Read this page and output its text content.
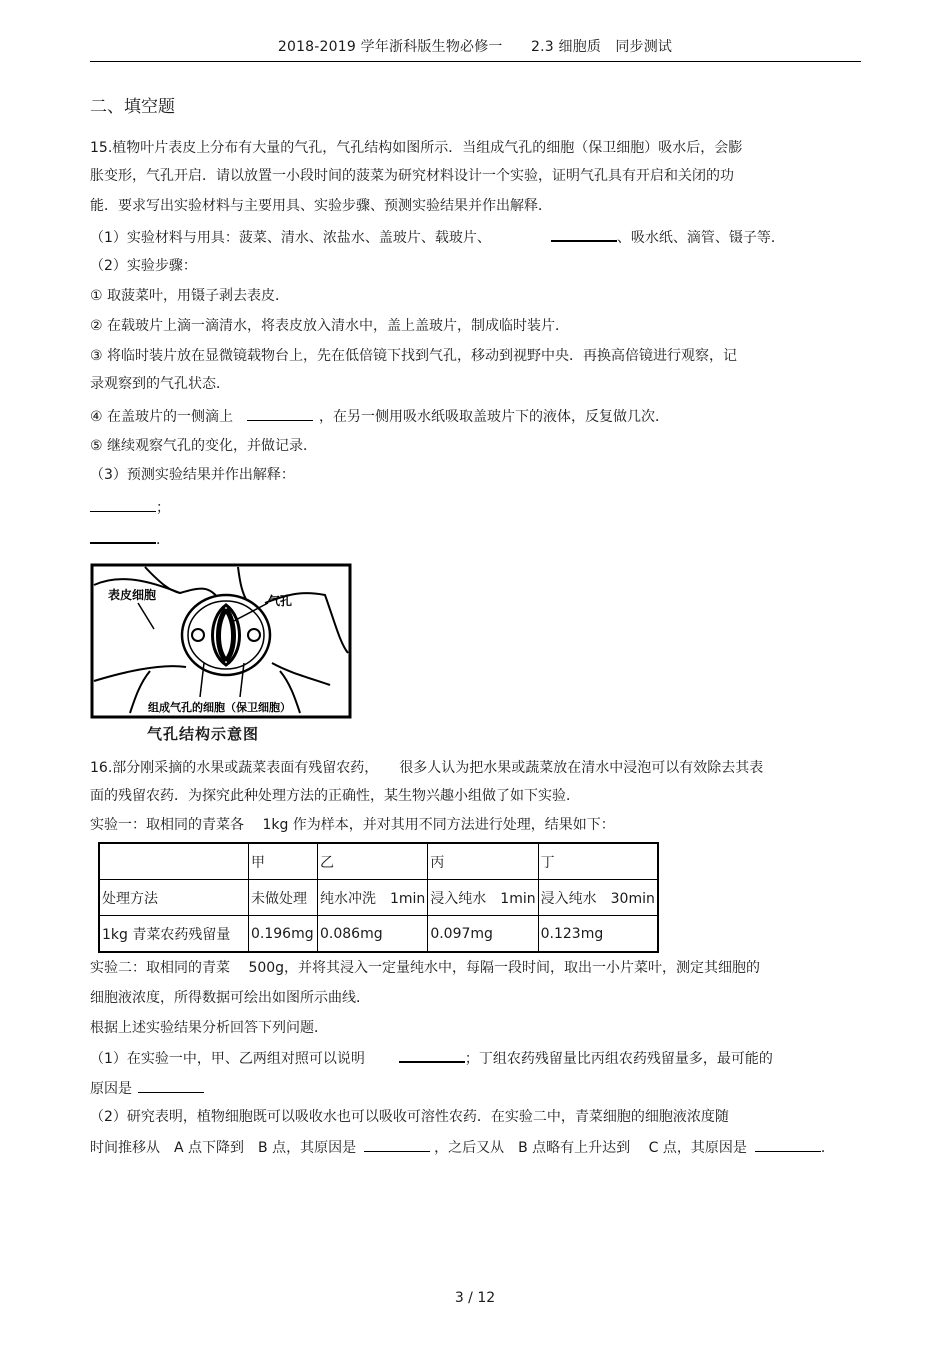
2018-2019 学年浙科版生物必修一　　2.3 细胞质　同步测试
二、填空题
15.植物叶片表皮上分布有大量的气孔，气孔结构如图所示．当组成气孔的细胞（保卫细胞）吸水后，会膨
胀变形，气孔开启．请以放置一小段时间的菠菜为研究材料设计一个实验，证明气孔具有开启和关闭的功
能．要求写出实验材料与主要用具、实验步骤、预测实验结果并作出解释．
（1）实验材料与用具：菠菜、清水、浓盐水、盖玻片、载玻片、	、吸水纸、滴管、镊子等．
（2）实验步骤：
① 取菠菜叶，用镊子剥去表皮．
② 在载玻片上滴一滴清水，将表皮放入清水中，盖上盖玻片，制成临时装片．
③ 将临时装片放在显微镜载物台上，先在低倍镜下找到气孔，移动到视野中央．再换高倍镜进行观察，记
录观察到的气孔状态．
④ 在盖玻片的一侧滴上	，在另一侧用吸水纸吸取盖玻片下的液体，反复做几次．
⑤ 继续观察气孔的变化，并做记录．
（3）预测实验结果并作出解释：
；
．
表皮细胞	气孔
组成气孔的细胞（保卫细胞）
气孔结构示意图
16.部分刚采摘的水果或蔬菜表面有残留农药，　　很多人认为把水果或蔬菜放在清水中浸泡可以有效除去其表
面的残留农药．为探究此种处理方法的正确性，某生物兴趣小组做了如下实验．
实验一：取相同的青菜各　 1kg 作为样本，并对其用不同方法进行处理，结果如下：
	甲	乙	丙	丁
处理方法	未做处理	纯水冲洗　1min	浸入纯水　1min	浸入纯水　30min
1kg 青菜农药残留量	0.196mg	0.086mg	0.097mg	0.123mg
实验二：取相同的青菜　 500g，并将其浸入一定量纯水中，每隔一段时间，取出一小片菜叶，测定其细胞的
细胞液浓度，所得数据可绘出如图所示曲线．
根据上述实验结果分析回答下列问题．
（1）在实验一中，甲、乙两组对照可以说明	；丁组农药残留量比丙组农药残留量多，最可能的
原因是
（2）研究表明，植物细胞既可以吸收水也可以吸收可溶性农药．在实验二中，青菜细胞的细胞液浓度随
时间推移从　A 点下降到　B 点，其原因是	，之后又从　B 点略有上升达到　 C 点，其原因是	．
3 / 12
